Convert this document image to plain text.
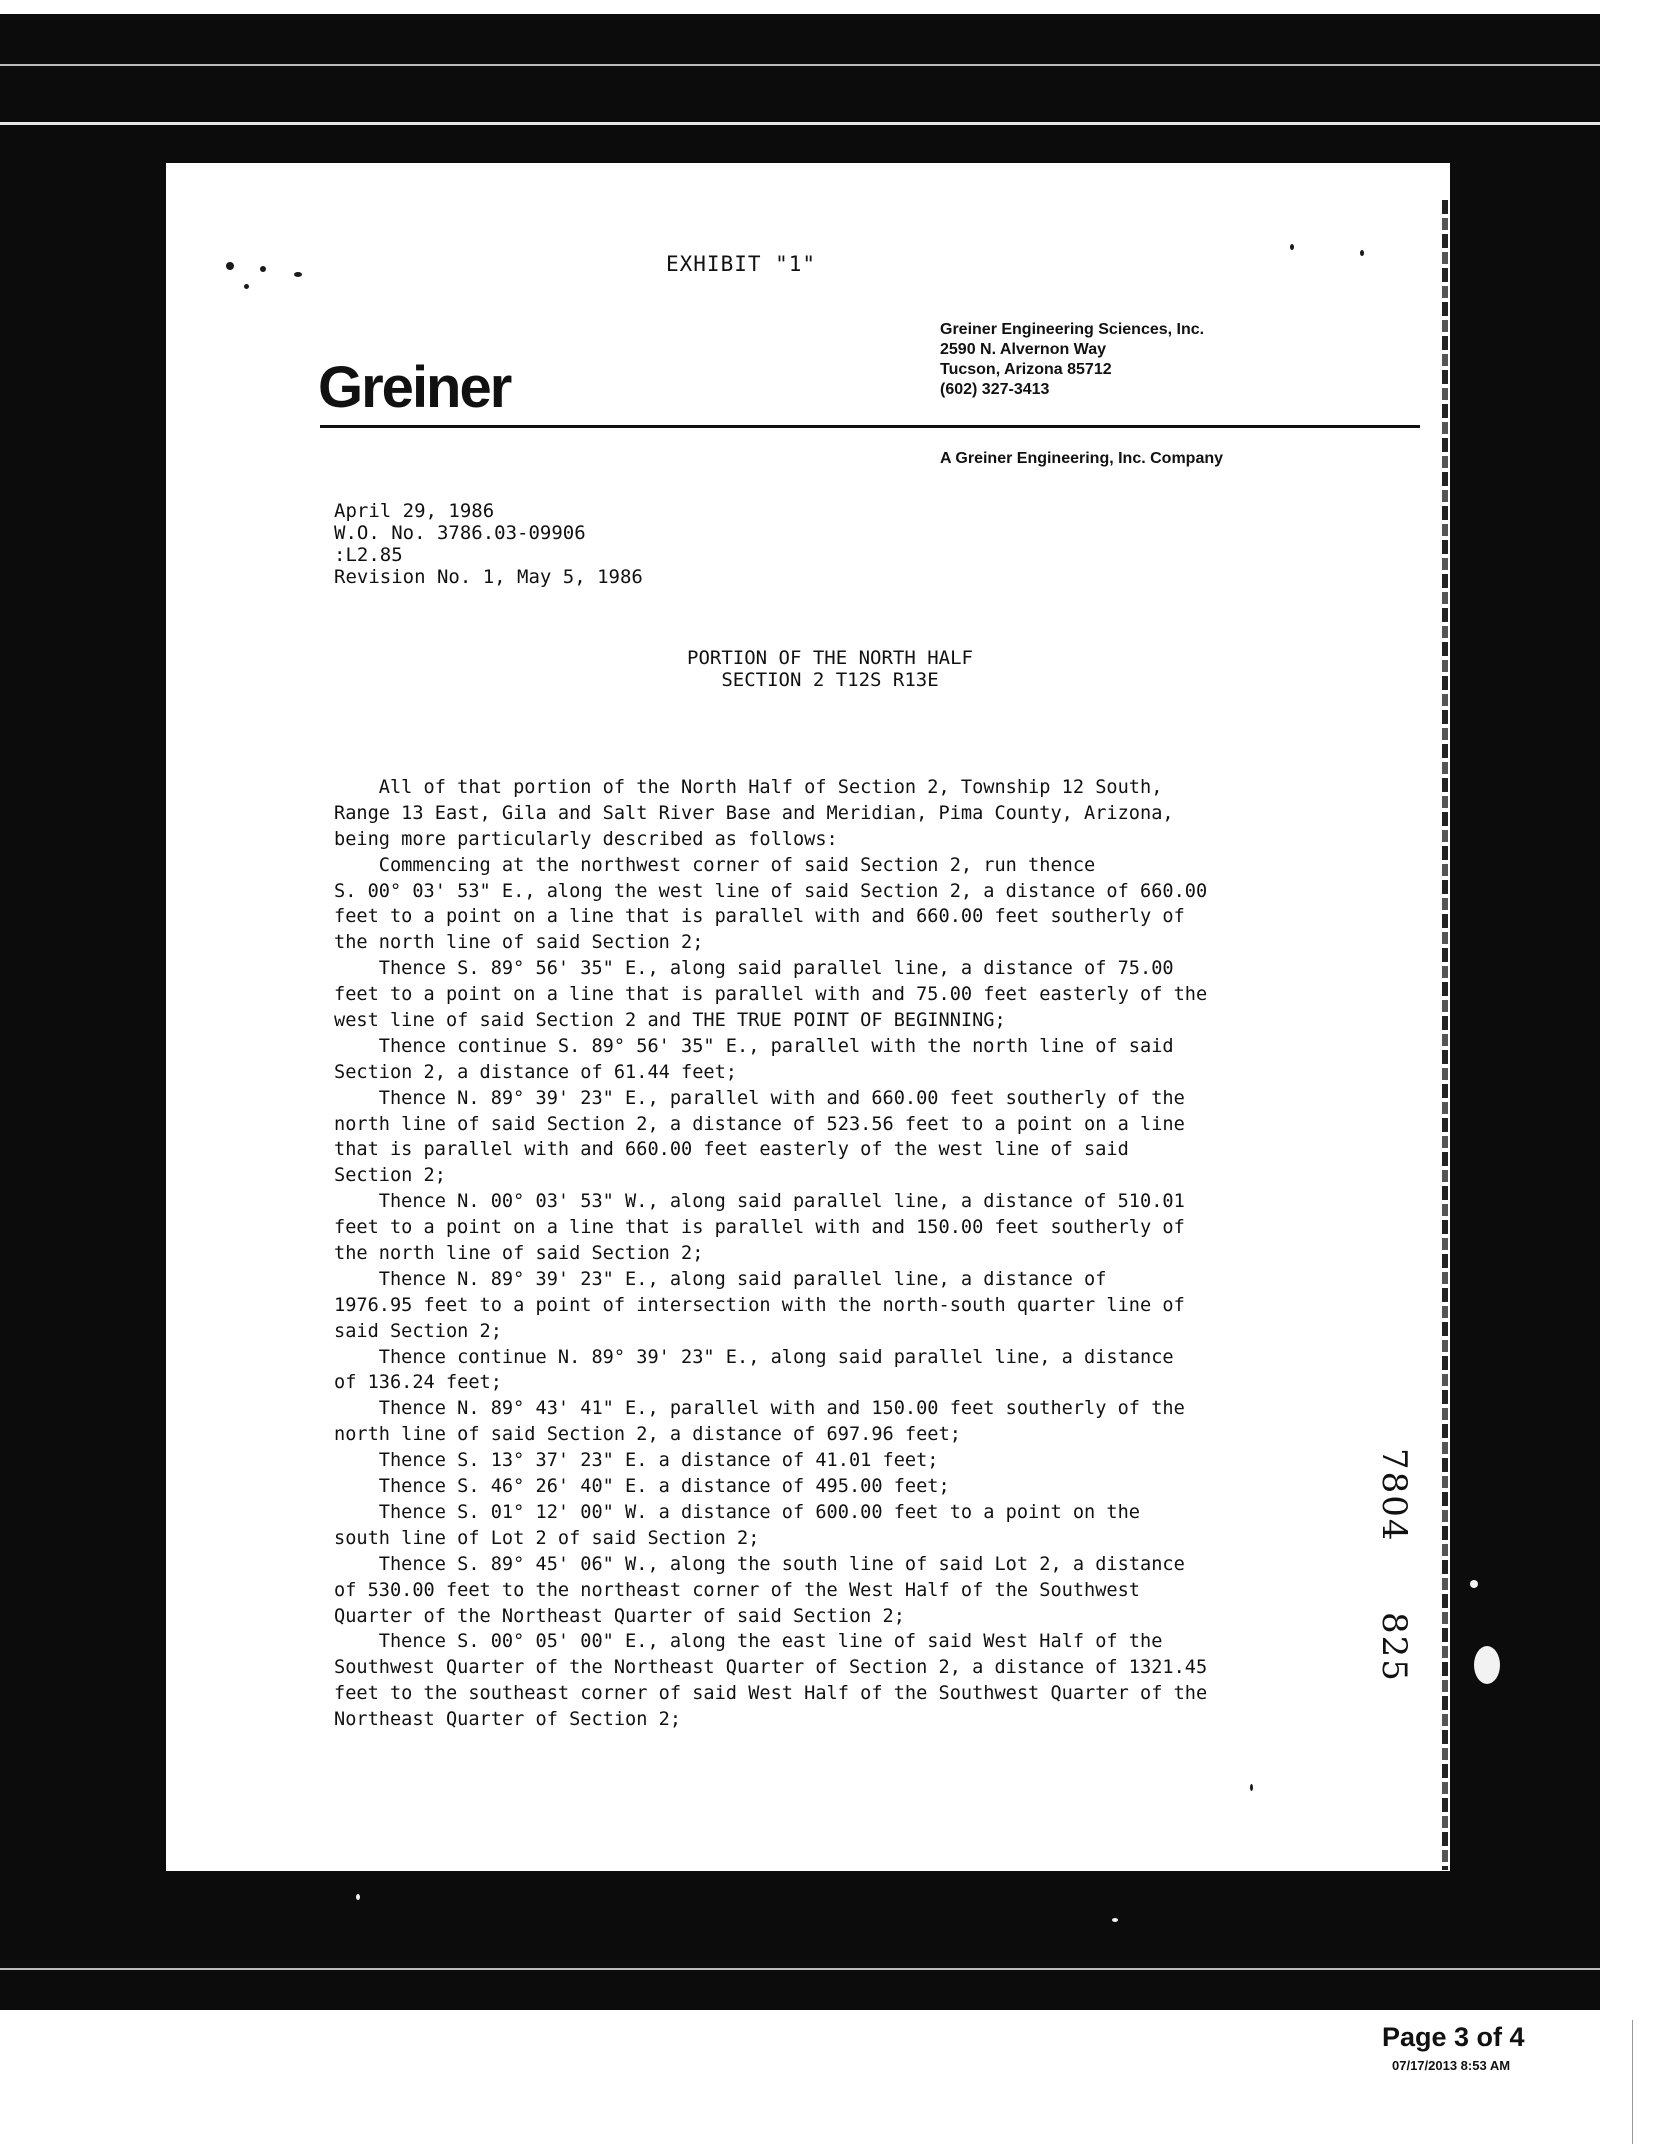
EXHIBIT "1"
Greiner
Greiner Engineering Sciences, Inc.
2590 N. Alvernon Way
Tucson, Arizona 85712
(602) 327-3413
A Greiner Engineering, Inc. Company
April 29, 1986
W.O. No. 3786.03-09906
:L2.85
Revision No. 1, May 5, 1986
PORTION OF THE NORTH HALF
SECTION 2 T12S R13E
All of that portion of the North Half of Section 2, Township 12 South,
Range 13 East, Gila and Salt River Base and Meridian, Pima County, Arizona,
being more particularly described as follows:
Commencing at the northwest corner of said Section 2, run thence
S. 00° 03' 53" E., along the west line of said Section 2, a distance of 660.00
feet to a point on a line that is parallel with and 660.00 feet southerly of
the north line of said Section 2;
Thence S. 89° 56' 35" E., along said parallel line, a distance of 75.00
feet to a point on a line that is parallel with and 75.00 feet easterly of the
west line of said Section 2 and THE TRUE POINT OF BEGINNING;
Thence continue S. 89° 56' 35" E., parallel with the north line of said
Section 2, a distance of 61.44 feet;
Thence N. 89° 39' 23" E., parallel with and 660.00 feet southerly of the
north line of said Section 2, a distance of 523.56 feet to a point on a line
that is parallel with and 660.00 feet easterly of the west line of said
Section 2;
Thence N. 00° 03' 53" W., along said parallel line, a distance of 510.01
feet to a point on a line that is parallel with and 150.00 feet southerly of
the north line of said Section 2;
Thence N. 89° 39' 23" E., along said parallel line, a distance of
1976.95 feet to a point of intersection with the north-south quarter line of
said Section 2;
Thence continue N. 89° 39' 23" E., along said parallel line, a distance
of 136.24 feet;
Thence N. 89° 43' 41" E., parallel with and 150.00 feet southerly of the
north line of said Section 2, a distance of 697.96 feet;
Thence S. 13° 37' 23" E. a distance of 41.01 feet;
Thence S. 46° 26' 40" E. a distance of 495.00 feet;
Thence S. 01° 12' 00" W. a distance of 600.00 feet to a point on the
south line of Lot 2 of said Section 2;
Thence S. 89° 45' 06" W., along the south line of said Lot 2, a distance
of 530.00 feet to the northeast corner of the West Half of the Southwest
Quarter of the Northeast Quarter of said Section 2;
Thence S. 00° 05' 00" E., along the east line of said West Half of the
Southwest Quarter of the Northeast Quarter of Section 2, a distance of 1321.45
feet to the southeast corner of said West Half of the Southwest Quarter of the
Northeast Quarter of Section 2;
7804
825
Page 3 of 4
07/17/2013 8:53 AM
